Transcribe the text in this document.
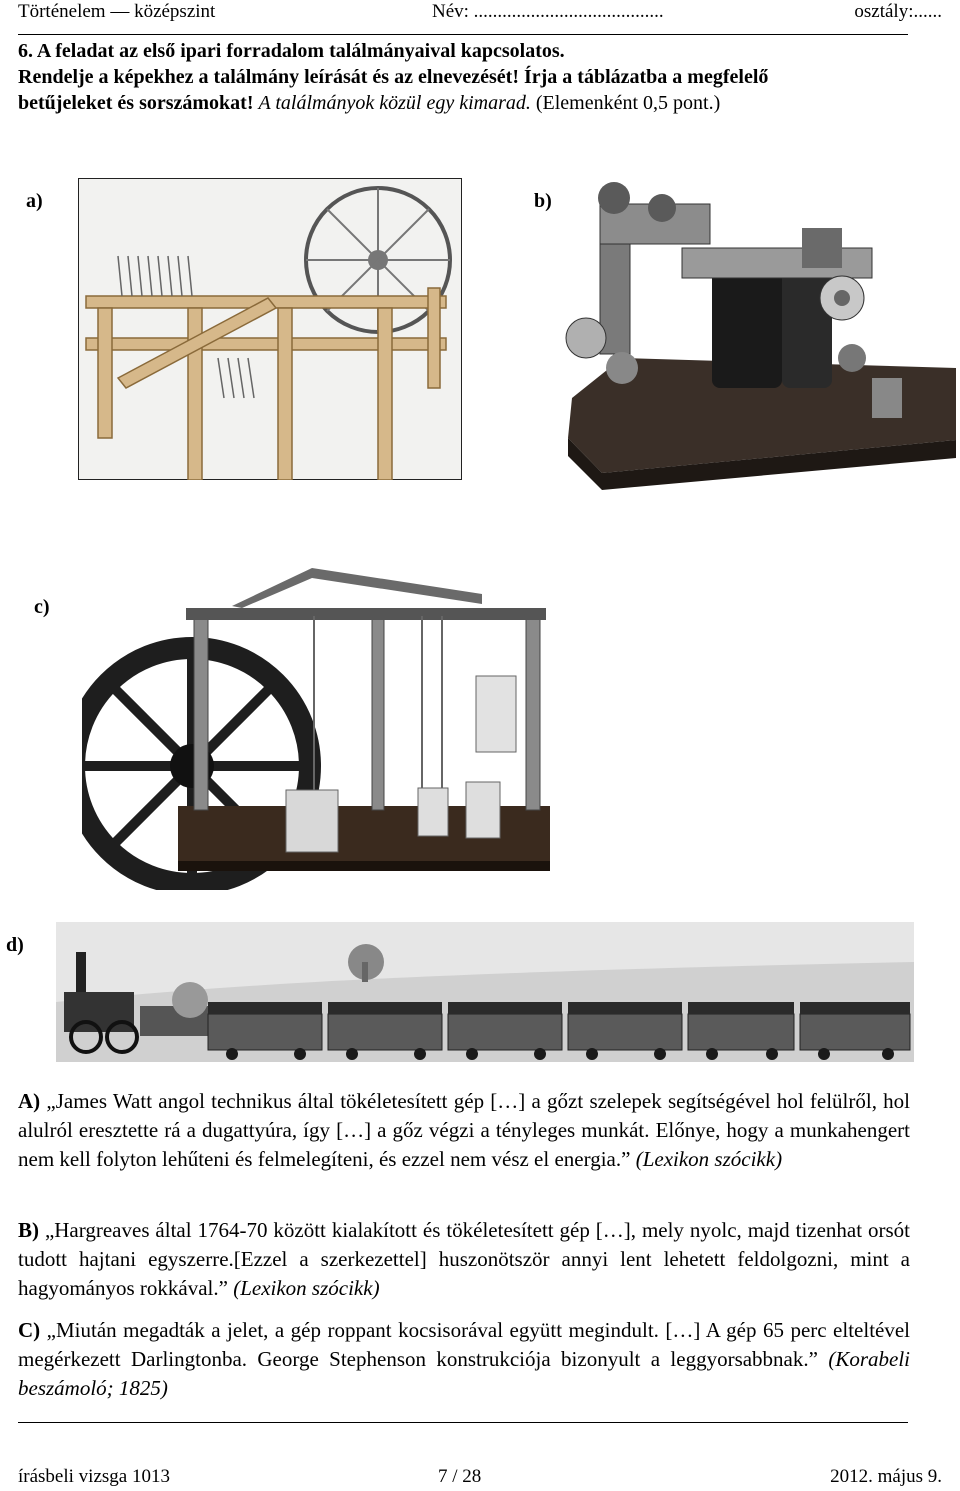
Történelem — középszint	Név: ........................................	osztály:......
6. A feladat az első ipari forradalom találmányaival kapcsolatos.
Rendelje a képekhez a találmány leírását és az elnevezését! Írja a táblázatba a megfelelő
betűjeleket és sorszámokat! A találmányok közül egy kimarad. (Elemenként 0,5 pont.)
a)	b)
c)
d)
A) „James Watt angol technikus által tökéletesített gép […] a gőzt szelepek segítségével hol felülről, hol alulról eresztette rá a dugattyúra, így […] a gőz végzi a tényleges munkát. Előnye, hogy a munkahengert nem kell folyton lehűteni és felmelegíteni, és ezzel nem vész el energia.” (Lexikon szócikk)
B) „Hargreaves által 1764-70 között kialakított és tökéletesített gép […], mely nyolc, majd tizenhat orsót tudott hajtani egyszerre.[Ezzel a szerkezettel] huszonötször annyi lent lehetett feldolgozni, mint a hagyományos rokkával.” (Lexikon szócikk)
C) „Miután megadták a jelet, a gép roppant kocsisorával együtt megindult. […] A gép 65 perc elteltével megérkezett Darlingtonba. George Stephenson konstrukciója bizonyult a leggyorsabbnak.” (Korabeli beszámoló; 1825)
írásbeli vizsga 1013	7 / 28	2012. május 9.
